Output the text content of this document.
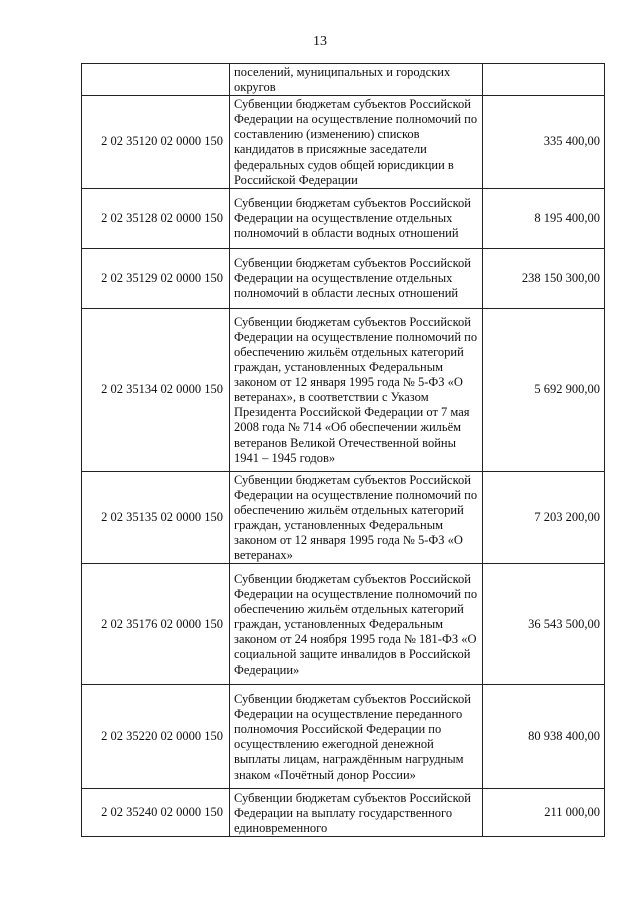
13

	поселений, муниципальных и городских округов	

2 02 35120 02 0000 150	Субвенции бюджетам субъектов Российской Федерации на осуществление полномочий по составлению (изменению) списков кандидатов в присяжные заседатели федеральных судов общей юрисдикции в Российской Федерации	335 400,00
2 02 35128 02 0000 150	Субвенции бюджетам субъектов Российской Федерации на осуществление отдельных полномочий в области водных отношений	8 195 400,00
2 02 35129 02 0000 150	Субвенции бюджетам субъектов Российской Федерации на осуществление отдельных полномочий в области лесных отношений	238 150 300,00
2 02 35134 02 0000 150	Субвенции бюджетам субъектов Российской Федерации на осуществление полномочий по обеспечению жильём отдельных категорий граждан, установленных Федеральным законом от 12 января 1995 года № 5-ФЗ «О ветеранах», в соответствии с Указом Президента Российской Федерации от 7 мая 2008 года № 714 «Об обеспечении жильём ветеранов Великой Отечественной войны 1941 – 1945 годов»	5 692 900,00
2 02 35135 02 0000 150	Субвенции бюджетам субъектов Российской Федерации на осуществление полномочий по обеспечению жильём отдельных категорий граждан, установленных Федеральным законом от 12 января 1995 года № 5-ФЗ «О ветеранах»	7 203 200,00
2 02 35176 02 0000 150	Субвенции бюджетам субъектов Российской Федерации на осуществление полномочий по обеспечению жильём отдельных категорий граждан, установленных Федеральным законом от 24 ноября 1995 года № 181-ФЗ «О социальной защите инвалидов в Российской Федерации»	36 543 500,00
2 02 35220 02 0000 150	Субвенции бюджетам субъектов Российской Федерации на осуществление переданного полномочия Российской Федерации по осуществлению ежегодной денежной выплаты лицам, награждённым нагрудным знаком «Почётный донор России»	80 938 400,00
2 02 35240 02 0000 150	Субвенции бюджетам субъектов Российской Федерации на выплату государственного единовременного	211 000,00
